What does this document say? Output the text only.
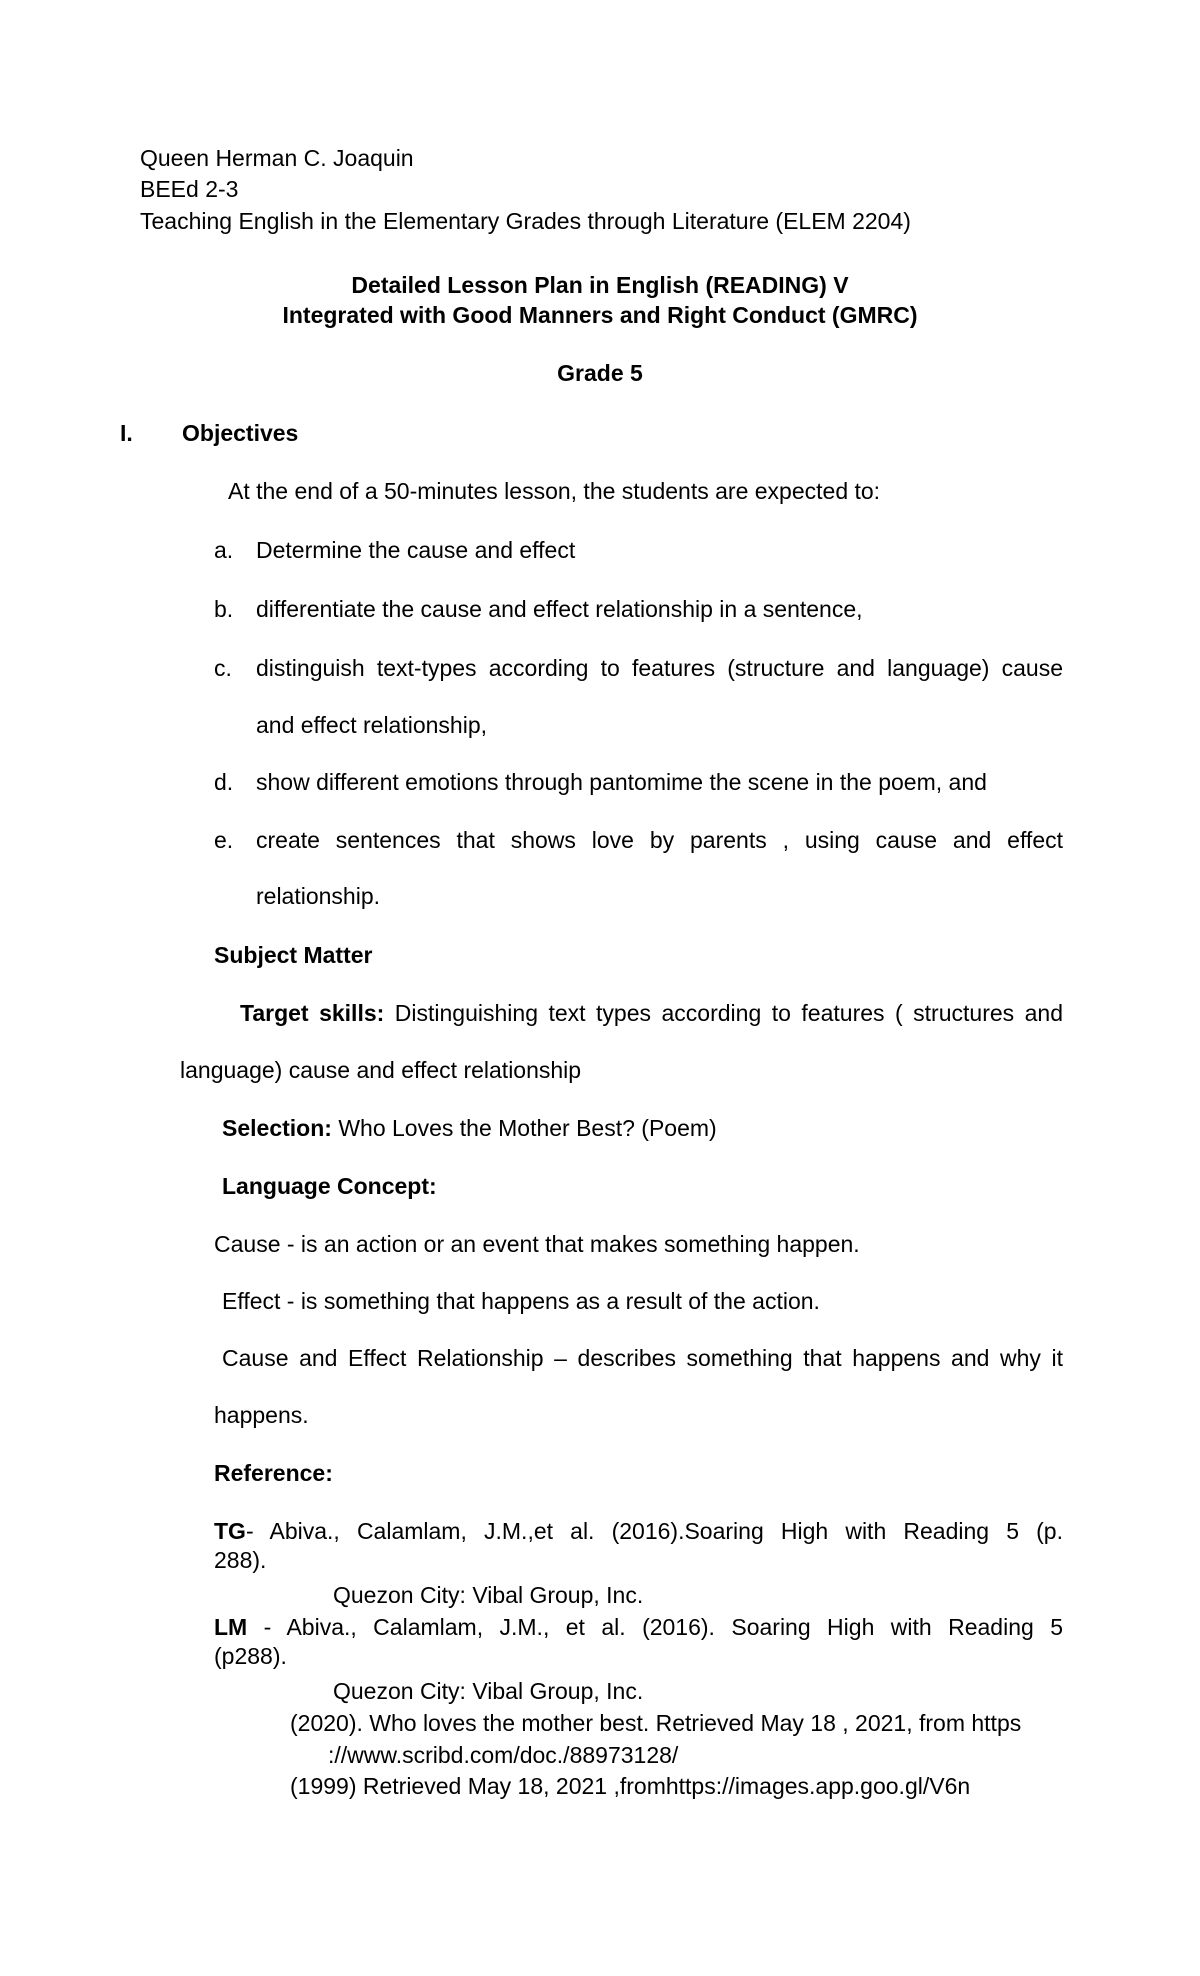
Queen Herman C. Joaquin
BEEd 2-3
Teaching English in the Elementary Grades through Literature (ELEM 2204)
Detailed Lesson Plan in English (READING) V
Integrated with Good Manners and Right Conduct (GMRC)
Grade 5
I. Objectives
At the end of a 50-minutes lesson, the students are expected to:
a. Determine the cause and effect
b. differentiate the cause and effect relationship in a sentence,
c. distinguish text-types according to features (structure and language) cause
and effect relationship,
d. show different emotions through pantomime the scene in the poem, and
e. create sentences that shows love by parents , using cause and effect
relationship.
Subject Matter
Target skills: Distinguishing text types according to features ( structures and
language) cause and effect relationship
Selection: Who Loves the Mother Best? (Poem)
Language Concept:
Cause - is an action or an event that makes something happen.
Effect - is something that happens as a result of the action.
Cause and Effect Relationship – describes something that happens and why it
happens.
Reference:
TG- Abiva., Calamlam, J.M.,et al. (2016).Soaring High with Reading 5 (p.
288).
Quezon City: Vibal Group, Inc.
LM - Abiva., Calamlam, J.M., et al. (2016). Soaring High with Reading 5
(p288).
Quezon City: Vibal Group, Inc.
(2020). Who loves the mother best. Retrieved May 18 , 2021, from https
://www.scribd.com/doc./88973128/
(1999) Retrieved May 18, 2021 ,fromhttps://images.app.goo.gl/V6n
